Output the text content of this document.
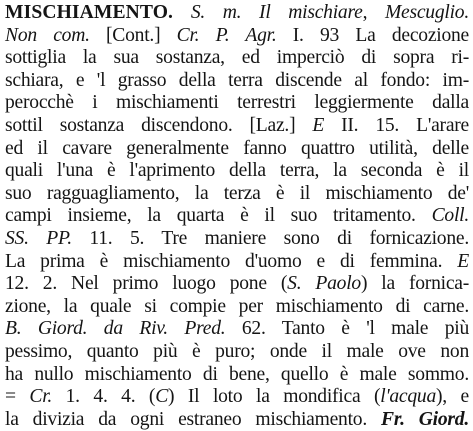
MISCHIAMENTO. S. m. Il mischiare, Mescuglio.
Non com. [Cont.] Cr. P. Agr. I. 93 La decozione
sottiglia la sua sostanza, ed imperciò di sopra ri-
schiara, e 'l grasso della terra discende al fondo: im-
perocchè i mischiamenti terrestri leggiermente dalla
sottil sostanza discendono. [Laz.] E II. 15. L'arare
ed il cavare generalmente fanno quattro utilità, delle
quali l'una è l'aprimento della terra, la seconda è il
suo ragguagliamento, la terza è il mischiamento de'
campi insieme, la quarta è il suo tritamento. Coll.
SS. PP. 11. 5. Tre maniere sono di fornicazione.
La prima è mischiamento d'uomo e di femmina. E
12. 2. Nel primo luogo pone (S. Paolo) la fornica-
zione, la quale si compie per mischiamento di carne.
B. Giord. da Riv. Pred. 62. Tanto è 'l male più
pessimo, quanto più è puro; onde il male ove non
ha nullo mischiamento di bene, quello è male sommo.
= Cr. 1. 4. 4. (C) Il loto la mondifica (l'acqua), e
la divizia da ogni estraneo mischiamento. Fr. Giord.
